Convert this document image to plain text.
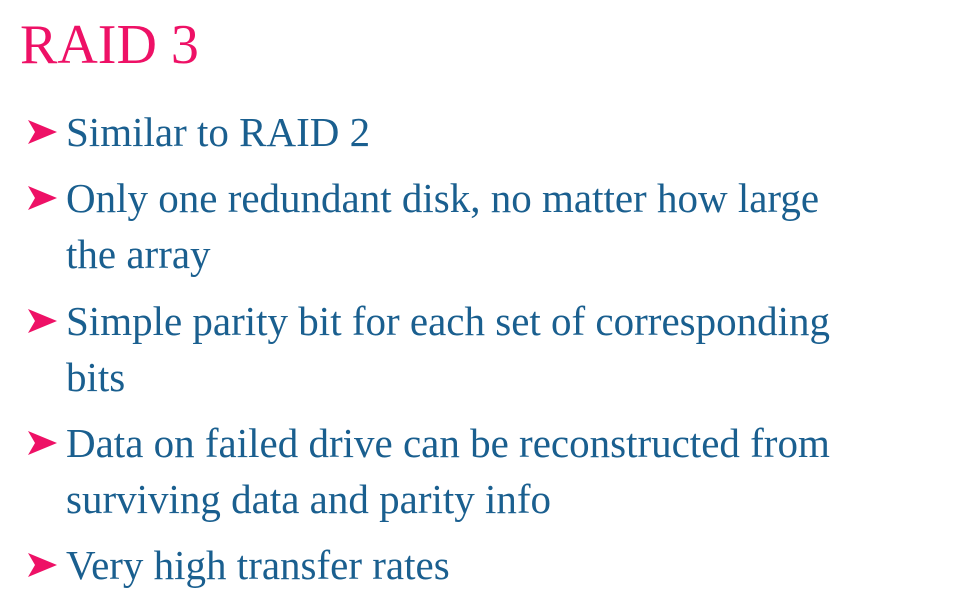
RAID 3
Similar to RAID 2
Only one redundant disk, no matter how large
the array
Simple parity bit for each set of corresponding
bits
Data on failed drive can be reconstructed from
surviving data and parity info
Very high transfer rates
